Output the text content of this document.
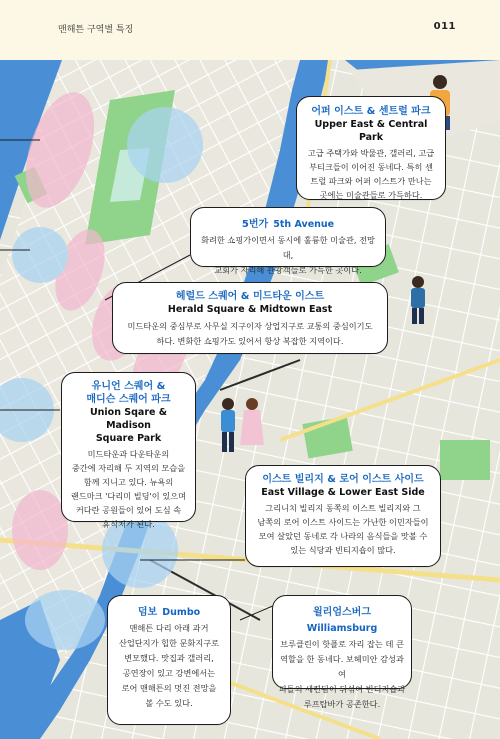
맨해튼 구역별 특징	011
어퍼 이스트 & 센트럴 파크
Upper East & Central Park
고급 주택가와 박물관, 갤러리, 고급
부티크들이 이어진 동네다. 특히 센
트럴 파크와 어퍼 이스트가 만나는
곳에는 미술관들로 가득하다.
5번가 5th Avenue
화려한 쇼핑가이면서 동시에 훌륭한 미술관, 전망대,
교회가 자리해 관광객들로 가득한 곳이다.
헤럴드 스퀘어 & 미드타운 이스트
Herald Square & Midtown East
미드타운의 중심부로 사무실 지구이자 상업지구로 교통의 중심이기도
하다. 변화한 쇼핑가도 있어서 항상 복잡한 지역이다.
유니언 스퀘어 &
매디슨 스퀘어 파크
Union Sqare & Madison
Square Park
미드타운과 다운타운의
중간에 자리해 두 지역의 모습을
함께 지니고 있다. 뉴욕의
랜드마크 '다리미 빌딩'이 있으며
커다란 공원들이 있어 도심 속
휴식처가 된다.
이스트 빌리지 & 로어 이스트 사이드
East Village & Lower East Side
그리니치 빌리지 동쪽의 이스트 빌리지와 그
남쪽의 로어 이스트 사이드는 가난한 이민자들이
모여 살았던 동네로 각 나라의 음식들을 맛볼 수
있는 식당과 빈티지숍이 많다.
덤보 Dumbo
맨해튼 다리 아래 과거
산업단지가 힙한 문화지구로
변모했다. 맛집과 갤러리,
공연장이 있고 강변에서는
로어 맨해튼의 멋진 전망을
볼 수도 있다.
윌리엄스버그 Williamsburg
브루클린이 핫플로 자리 잡는 데 큰
역할을 한 동네다. 보헤미안 감성과 여
피들의 세련됨이 뒤섞여 빈티지숍과
루프탑바가 공존한다.
